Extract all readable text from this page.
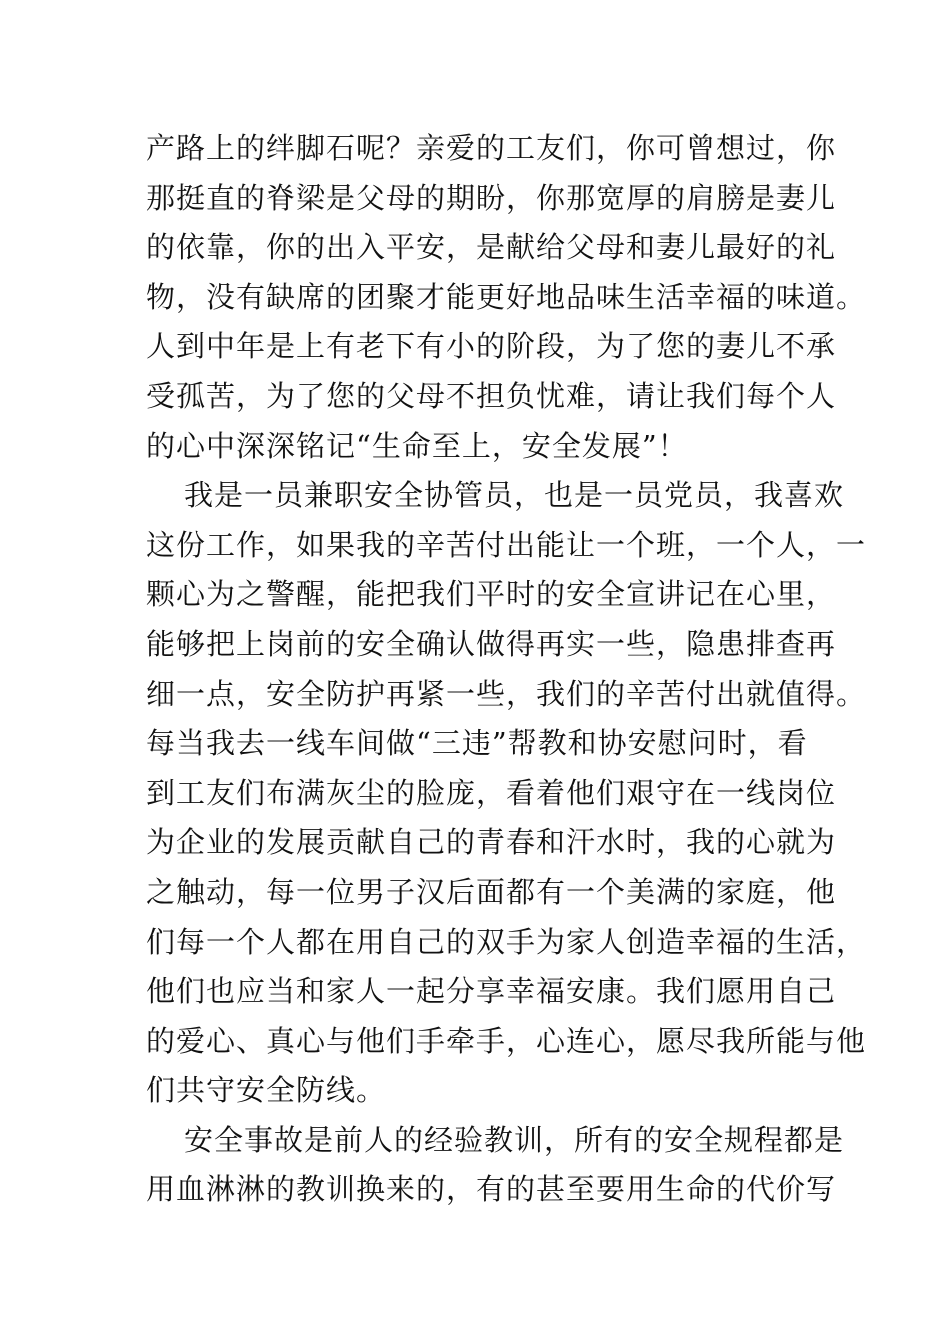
产路上的绊脚石呢？亲爱的工友们，你可曾想过，你
那挺直的脊梁是父母的期盼，你那宽厚的肩膀是妻儿
的依靠，你的出入平安，是献给父母和妻儿最好的礼
物，没有缺席的团聚才能更好地品味生活幸福的味道。
人到中年是上有老下有小的阶段，为了您的妻儿不承
受孤苦，为了您的父母不担负忧难，请让我们每个人
的心中深深铭记“生命至上，安全发展”！
我是一员兼职安全协管员，也是一员党员，我喜欢
这份工作，如果我的辛苦付出能让一个班，一个人，一
颗心为之警醒，能把我们平时的安全宣讲记在心里，
能够把上岗前的安全确认做得再实一些，隐患排查再
细一点，安全防护再紧一些，我们的辛苦付出就值得。
每当我去一线车间做“三违”帮教和协安慰问时，看
到工友们布满灰尘的脸庞，看着他们艰守在一线岗位
为企业的发展贡献自己的青春和汗水时，我的心就为
之触动，每一位男子汉后面都有一个美满的家庭，他
们每一个人都在用自己的双手为家人创造幸福的生活，
他们也应当和家人一起分享幸福安康。我们愿用自己
的爱心、真心与他们手牵手，心连心，愿尽我所能与他
们共守安全防线。
安全事故是前人的经验教训，所有的安全规程都是
用血淋淋的教训换来的，有的甚至要用生命的代价写
